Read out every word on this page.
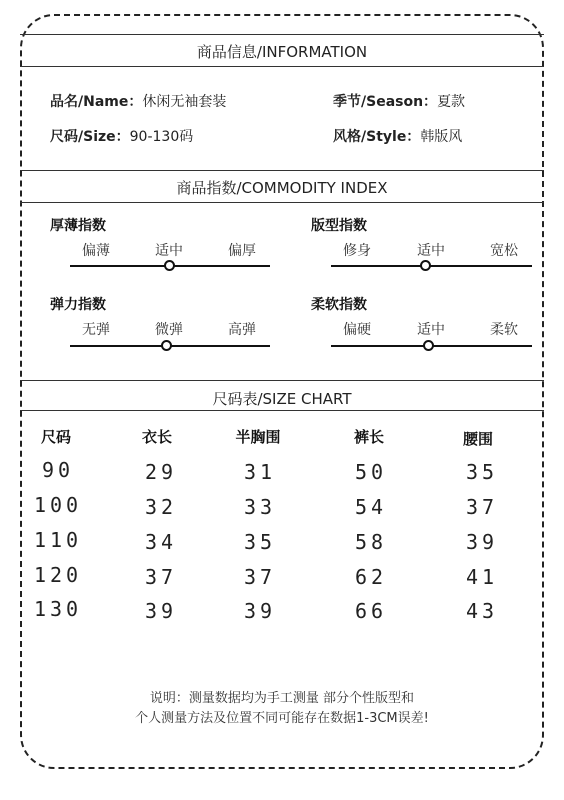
商品信息/INFORMATION
品名/Name：休闲无袖套装	季节/Season：夏款
尺码/Size：90-130码	风格/Style：韩版风
商品指数/COMMODITY INDEX
厚薄指数
偏薄	适中	偏厚
版型指数
修身	适中	宽松
弹力指数
无弹	微弹	高弹
柔软指数
偏硬	适中	柔软
尺码表/SIZE CHART
尺码	衣长	半胸围	裤长	腰围
90	29	31	50	35
100	32	33	54	37
110	34	35	58	39
120	37	37	62	41
130	39	39	66	43
说明：测量数据均为手工测量 部分个性版型和
个人测量方法及位置不同可能存在数据1-3CM误差!
